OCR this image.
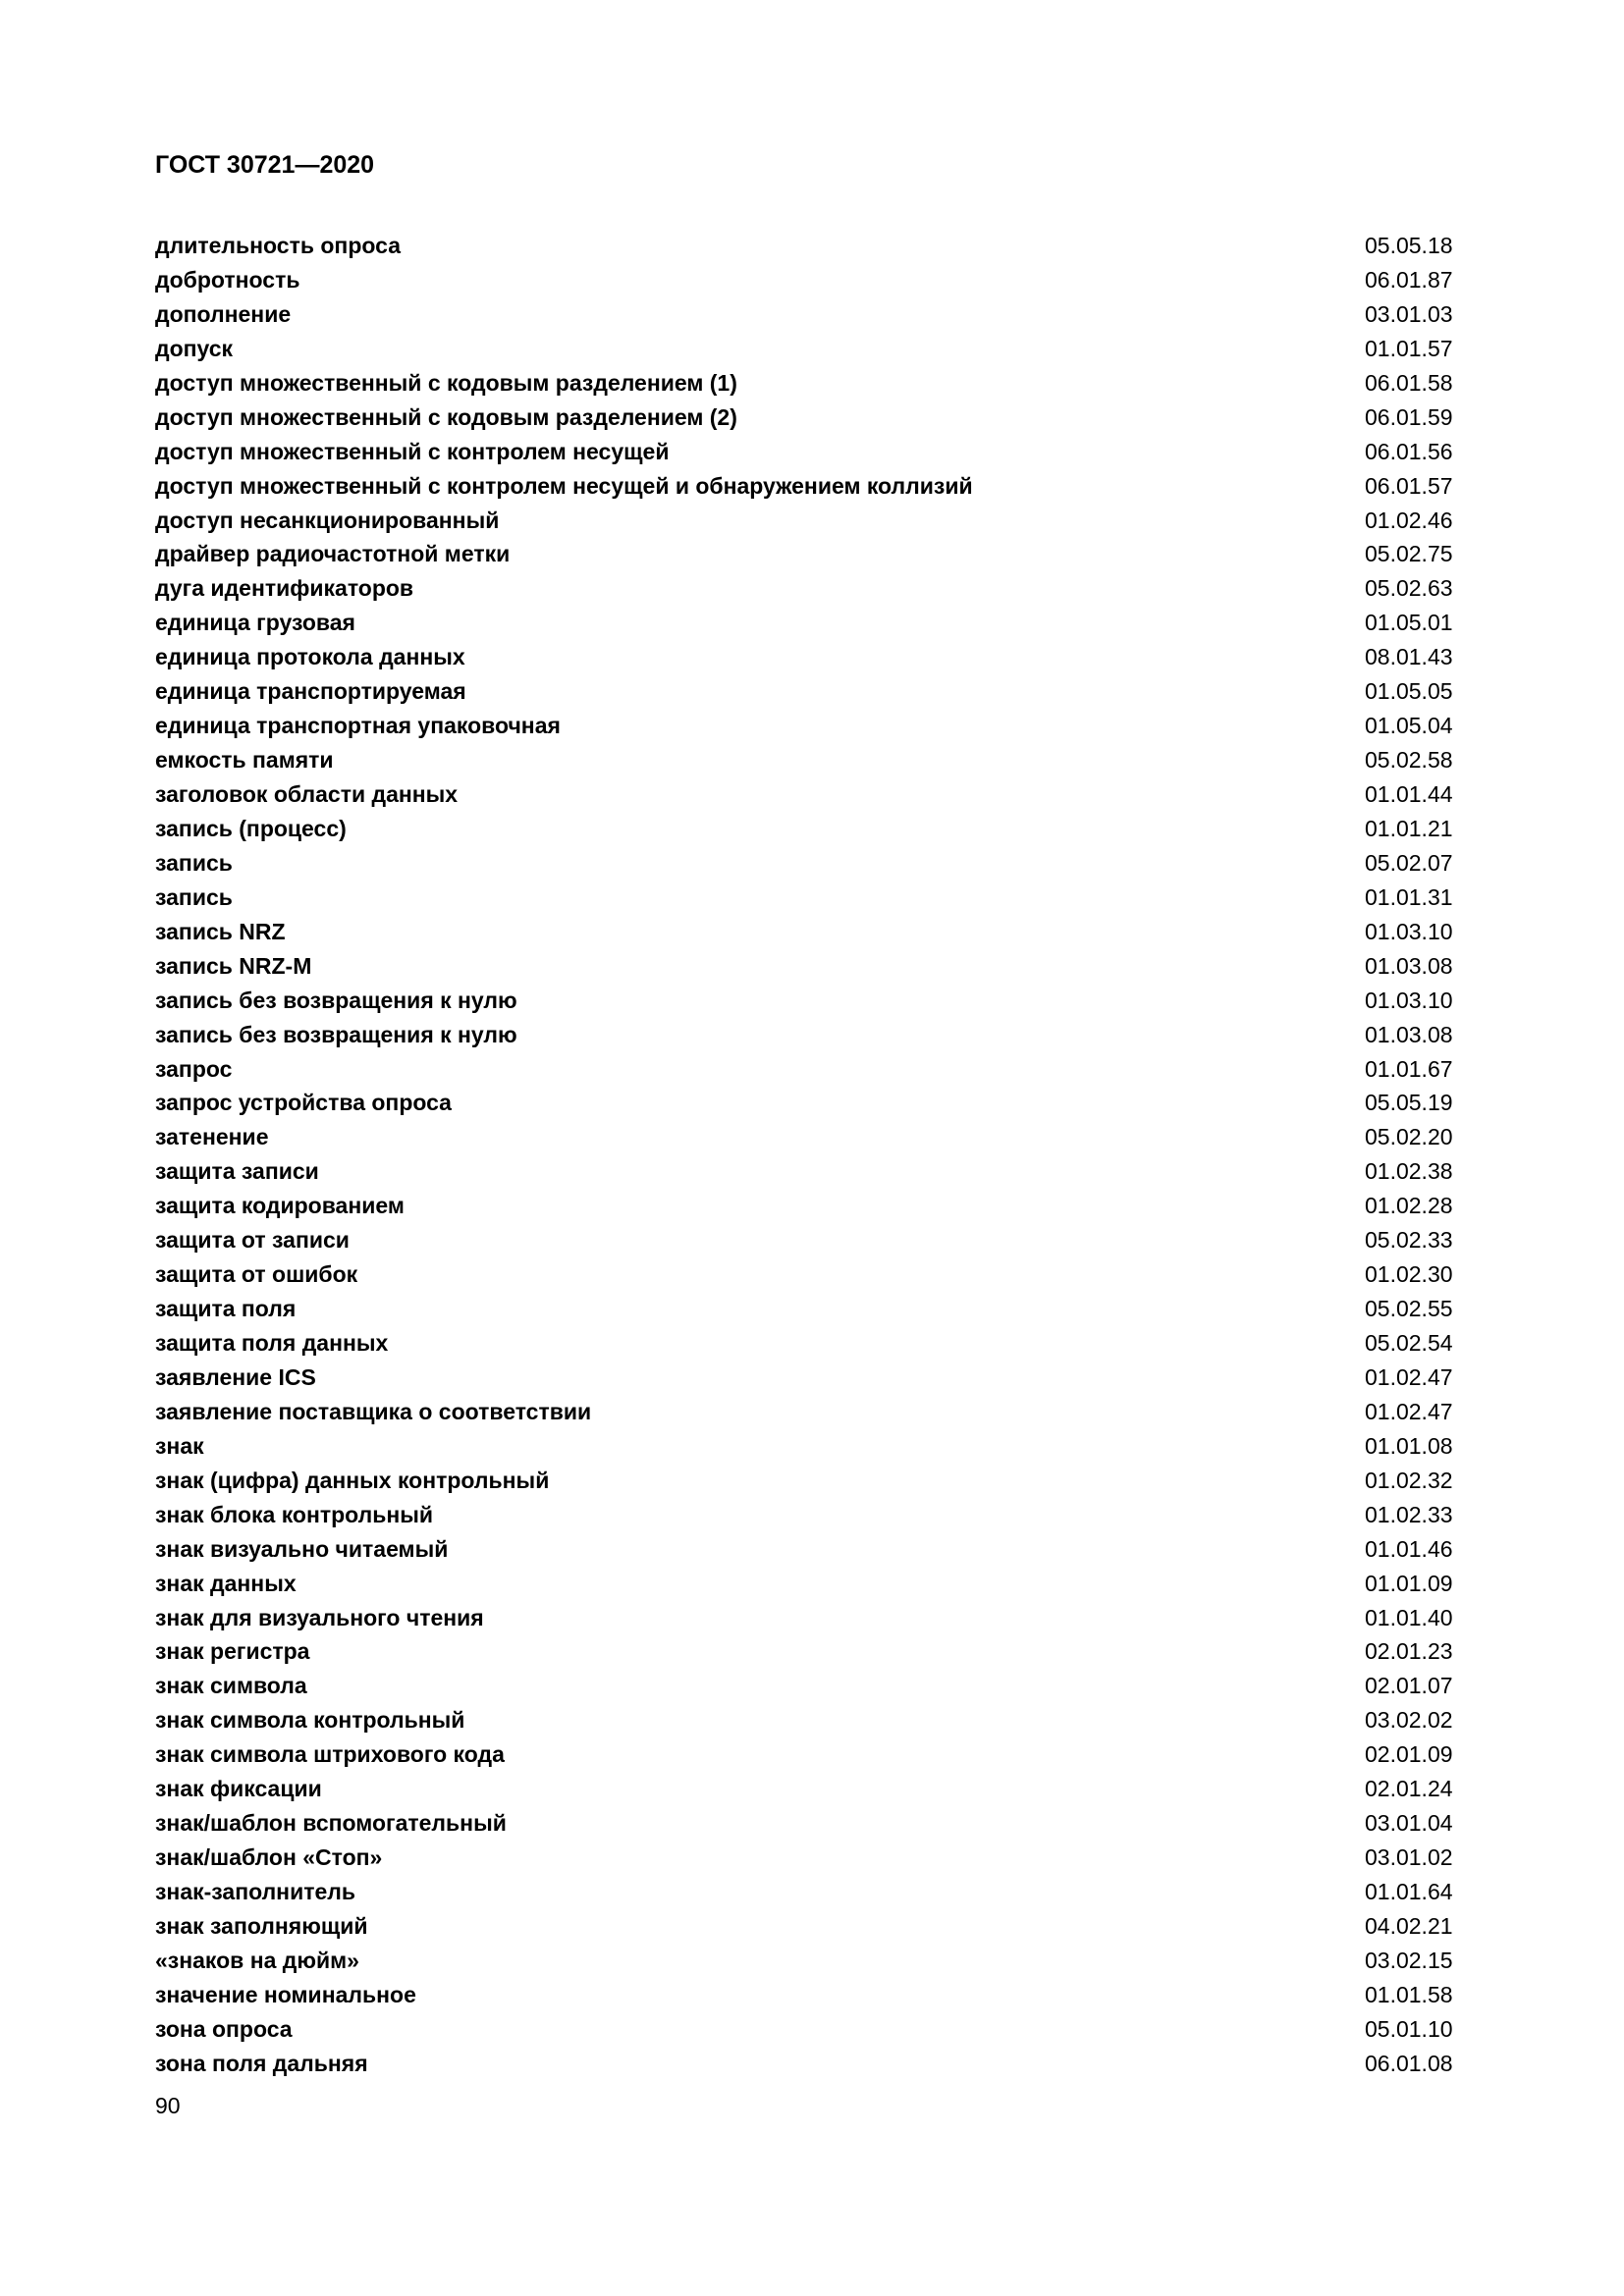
ГОСТ 30721—2020
длительность опроса	05.05.18
добротность	06.01.87
дополнение	03.01.03
допуск	01.01.57
доступ множественный с кодовым разделением (1)	06.01.58
доступ множественный с кодовым разделением (2)	06.01.59
доступ множественный с контролем несущей	06.01.56
доступ множественный с контролем несущей и обнаружением коллизий	06.01.57
доступ несанкционированный	01.02.46
драйвер радиочастотной метки	05.02.75
дуга идентификаторов	05.02.63
единица грузовая	01.05.01
единица протокола данных	08.01.43
единица транспортируемая	01.05.05
единица транспортная упаковочная	01.05.04
емкость памяти	05.02.58
заголовок области данных	01.01.44
запись (процесс)	01.01.21
запись	05.02.07
запись	01.01.31
запись NRZ	01.03.10
запись NRZ-M	01.03.08
запись без возвращения к нулю	01.03.10
запись без возвращения к нулю	01.03.08
запрос	01.01.67
запрос устройства опроса	05.05.19
затенение	05.02.20
защита записи	01.02.38
защита кодированием	01.02.28
защита от записи	05.02.33
защита от ошибок	01.02.30
защита поля	05.02.55
защита поля данных	05.02.54
заявление ICS	01.02.47
заявление поставщика о соответствии	01.02.47
знак	01.01.08
знак (цифра) данных контрольный	01.02.32
знак блока контрольный	01.02.33
знак визуально читаемый	01.01.46
знак данных	01.01.09
знак для визуального чтения	01.01.40
знак регистра	02.01.23
знак символа	02.01.07
знак символа контрольный	03.02.02
знак символа штрихового кода	02.01.09
знак фиксации	02.01.24
знак/шаблон вспомогательный	03.01.04
знак/шаблон «Стоп»	03.01.02
знак-заполнитель	01.01.64
знак заполняющий	04.02.21
«знаков на дюйм»	03.02.15
значение номинальное	01.01.58
зона опроса	05.01.10
зона поля дальняя	06.01.08
90
